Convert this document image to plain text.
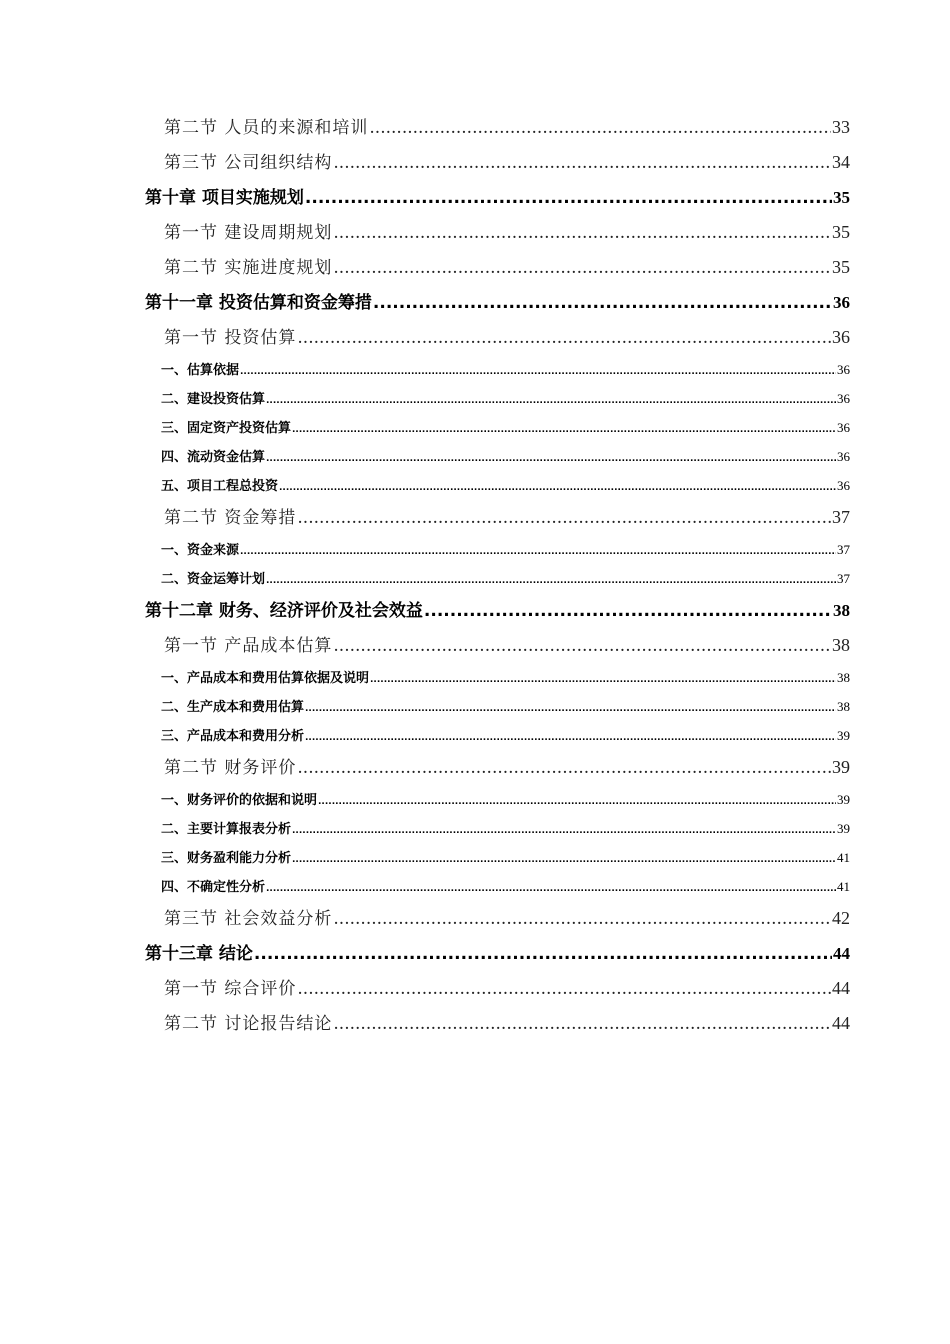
第二节 人员的来源和培训 .....	33
第三节 公司组织结构 .....	34
第十章 项目实施规划 .....	35
第一节 建设周期规划 .....	35
第二节 实施进度规划 .....	35
第十一章 投资估算和资金筹措 .....	36
第一节 投资估算 .....	36
一、估算依据 .....	36
二、建设投资估算 .....	36
三、固定资产投资估算 .....	36
四、流动资金估算 .....	36
五、项目工程总投资 .....	36
第二节 资金筹措 .....	37
一、资金来源 .....	37
二、资金运筹计划 .....	37
第十二章 财务、经济评价及社会效益 .....	38
第一节 产品成本估算 .....	38
一、产品成本和费用估算依据及说明 .....	38
二、生产成本和费用估算 .....	38
三、产品成本和费用分析 .....	39
第二节 财务评价 .....	39
一、财务评价的依据和说明 .....	39
二、主要计算报表分析 .....	39
三、财务盈利能力分析 .....	41
四、不确定性分析 .....	41
第三节 社会效益分析 .....	42
第十三章 结论 .....	44
第一节 综合评价 .....	44
第二节 讨论报告结论 .....	44
